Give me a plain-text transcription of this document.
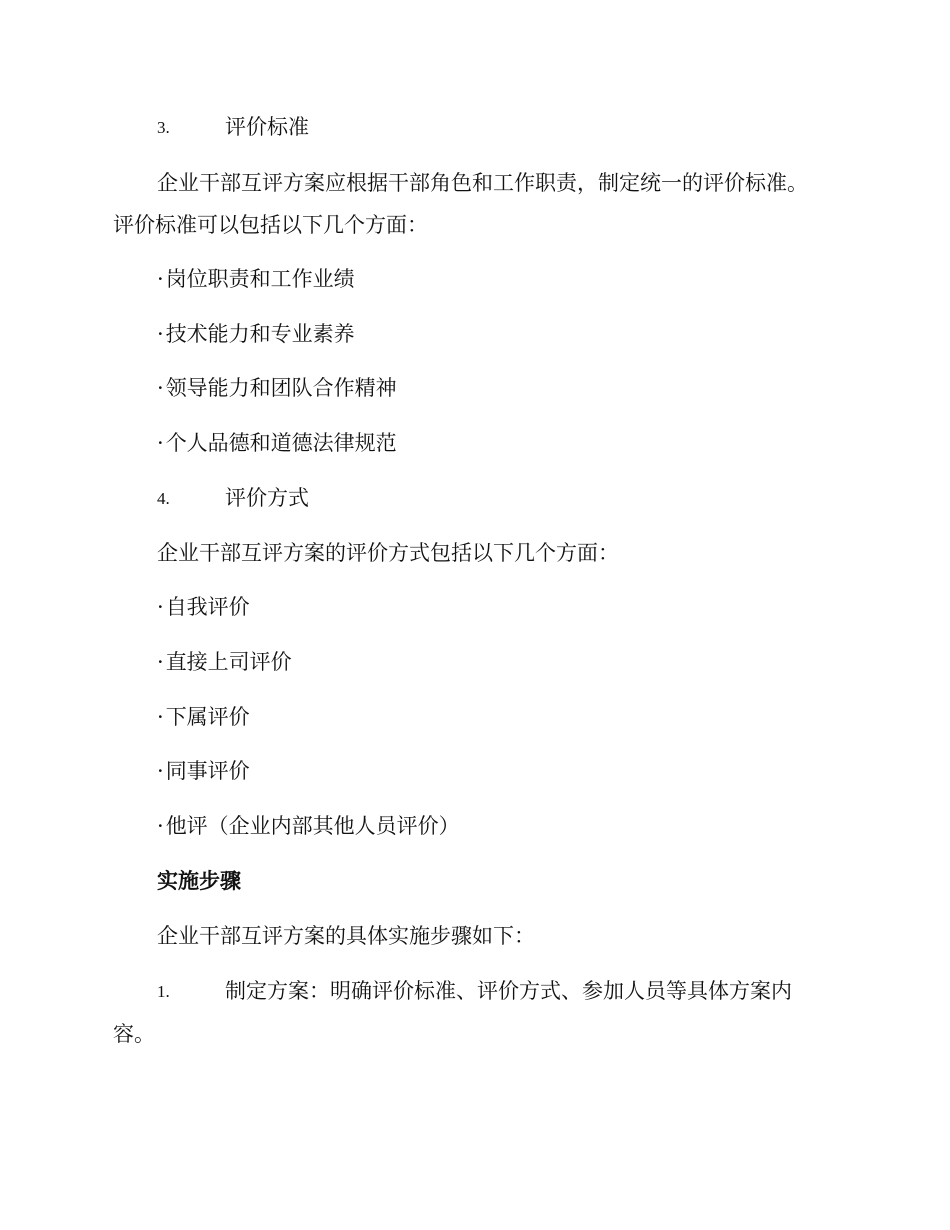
3.	评价标准
企业干部互评方案应根据干部角色和工作职责，制定统一的评价标准。
评价标准可以包括以下几个方面：
·岗位职责和工作业绩
·技术能力和专业素养
·领导能力和团队合作精神
·个人品德和道德法律规范
4.	评价方式
企业干部互评方案的评价方式包括以下几个方面：
·自我评价
·直接上司评价
·下属评价
·同事评价
·他评（企业内部其他人员评价）
实施步骤
企业干部互评方案的具体实施步骤如下：
1.	制定方案：明确评价标准、评价方式、参加人员等具体方案内
容。
